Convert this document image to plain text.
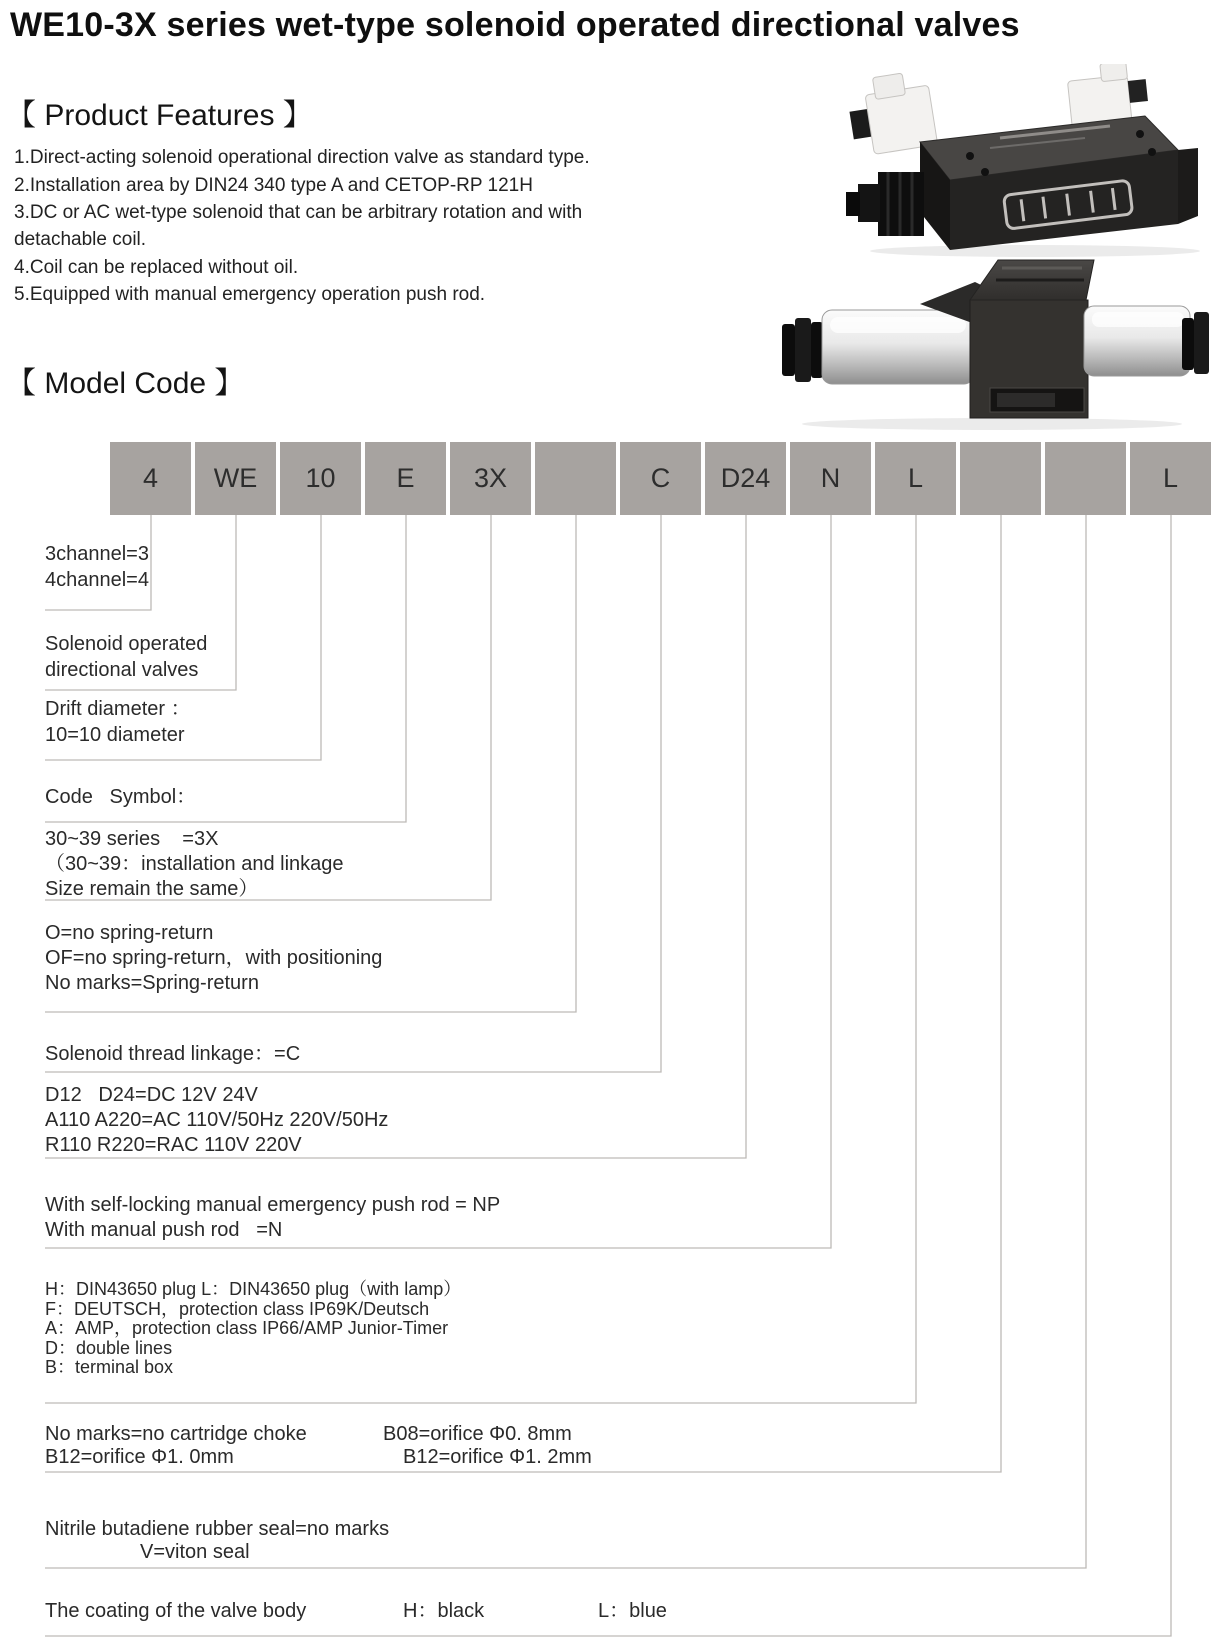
WE10-3X series wet-type solenoid operated directional valves
【 Product Features 】
1.Direct-acting solenoid operational direction valve as standard type.
2.Installation area by DIN24 340 type A and CETOP-RP 121H
3.DC or AC wet-type solenoid that can be arbitrary rotation and with
detachable coil.
4.Coil can be replaced without oil.
5.Equipped with manual emergency operation push rod.
【 Model Code 】
4	WE	10	E	3X	C	D24	N	L	L
3channel=3
4channel=4
Solenoid operated
directional valves
Drift diameter ：
10=10 diameter
Code   Symbol：
30~39 series    =3X
（30~39：installation and linkage
Size remain the same）
O=no spring-return
OF=no spring-return，with positioning
No marks=Spring-return
Solenoid thread linkage：=C
D12   D24=DC 12V 24V
A110 A220=AC 110V/50Hz 220V/50Hz
R110 R220=RAC 110V 220V
With self-locking manual emergency push rod = NP
With manual push rod   =N
H：DIN43650 plug L：DIN43650 plug（with lamp）
F：DEUTSCH，protection class IP69K/Deutsch
A：AMP，protection class IP66/AMP Junior-Timer
D：double lines
B：terminal box
No marks=no cartridge choke	B08=orifice Φ0. 8mm
B12=orifice Φ1. 0mm	B12=orifice Φ1. 2mm
Nitrile butadiene rubber seal=no marks
V=viton seal
The coating of the valve body	H：black	L：blue
